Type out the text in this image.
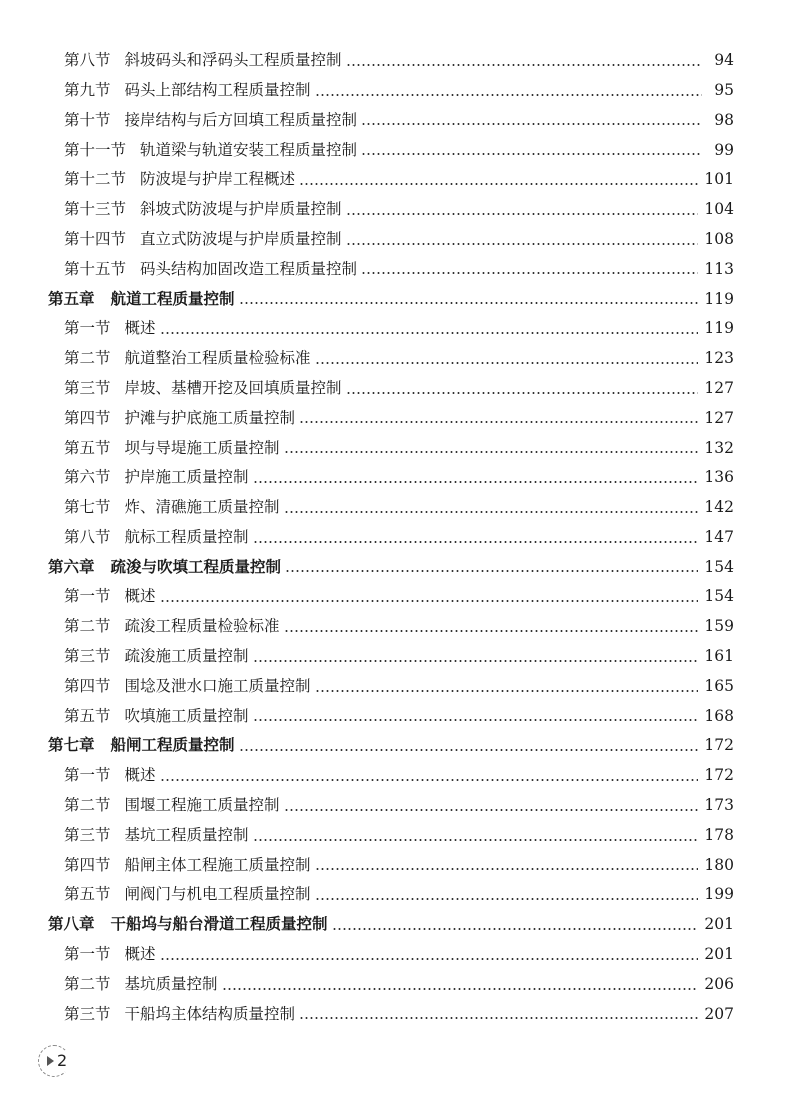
第八节 斜坡码头和浮码头工程质量控制	94
第九节 码头上部结构工程质量控制	95
第十节 接岸结构与后方回填工程质量控制	98
第十一节 轨道梁与轨道安装工程质量控制	99
第十二节 防波堤与护岸工程概述	101
第十三节 斜坡式防波堤与护岸质量控制	104
第十四节 直立式防波堤与护岸质量控制	108
第十五节 码头结构加固改造工程质量控制	113
第五章 航道工程质量控制	119
第一节 概述	119
第二节 航道整治工程质量检验标准	123
第三节 岸坡、基槽开挖及回填质量控制	127
第四节 护滩与护底施工质量控制	127
第五节 坝与导堤施工质量控制	132
第六节 护岸施工质量控制	136
第七节 炸、清礁施工质量控制	142
第八节 航标工程质量控制	147
第六章 疏浚与吹填工程质量控制	154
第一节 概述	154
第二节 疏浚工程质量检验标准	159
第三节 疏浚施工质量控制	161
第四节 围埝及泄水口施工质量控制	165
第五节 吹填施工质量控制	168
第七章 船闸工程质量控制	172
第一节 概述	172
第二节 围堰工程施工质量控制	173
第三节 基坑工程质量控制	178
第四节 船闸主体工程施工质量控制	180
第五节 闸阀门与机电工程质量控制	199
第八章 干船坞与船台滑道工程质量控制	201
第一节 概述	201
第二节 基坑质量控制	206
第三节 干船坞主体结构质量控制	207
2
